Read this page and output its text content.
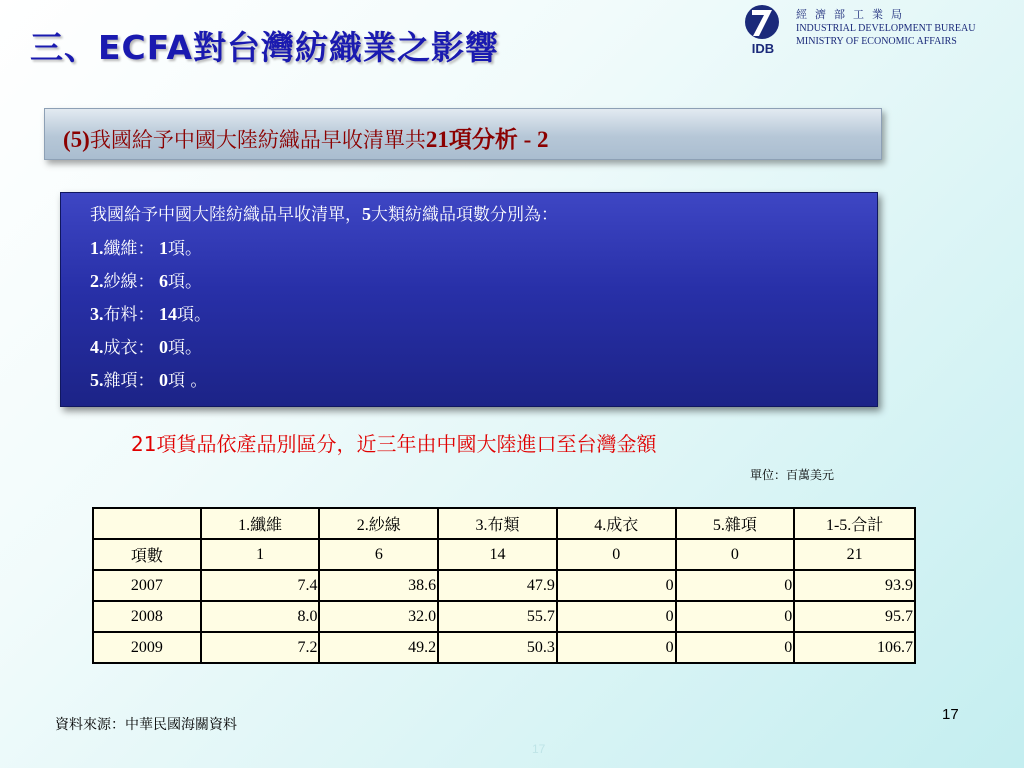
三、ECFA對台灣紡織業之影響	IDB
經濟部工業局
INDUSTRIAL DEVELOPMENT BUREAU
MINISTRY OF ECONOMIC AFFAIRS
(5)我國給予中國大陸紡織品早收清單共21項分析 - 2
我國給予中國大陸紡織品早收清單，5大類紡織品項數分別為：
1.纖維： 1項。
2.紗線： 6項。
3.布料： 14項。
4.成衣： 0項。
5.雜項： 0項 。
21項貨品依產品別區分，近三年由中國大陸進口至台灣金額
單位：百萬美元
	1.纖維	2.紗線	3.布類	4.成衣	5.雜項	1-5.合計
項數	1	6	14	0	0	21
2007	7.4	38.6	47.9	0	0	93.9
2008	8.0	32.0	55.7	0	0	95.7
2009	7.2	49.2	50.3	0	0	106.7
17
資料來源：中華民國海關資料
17
